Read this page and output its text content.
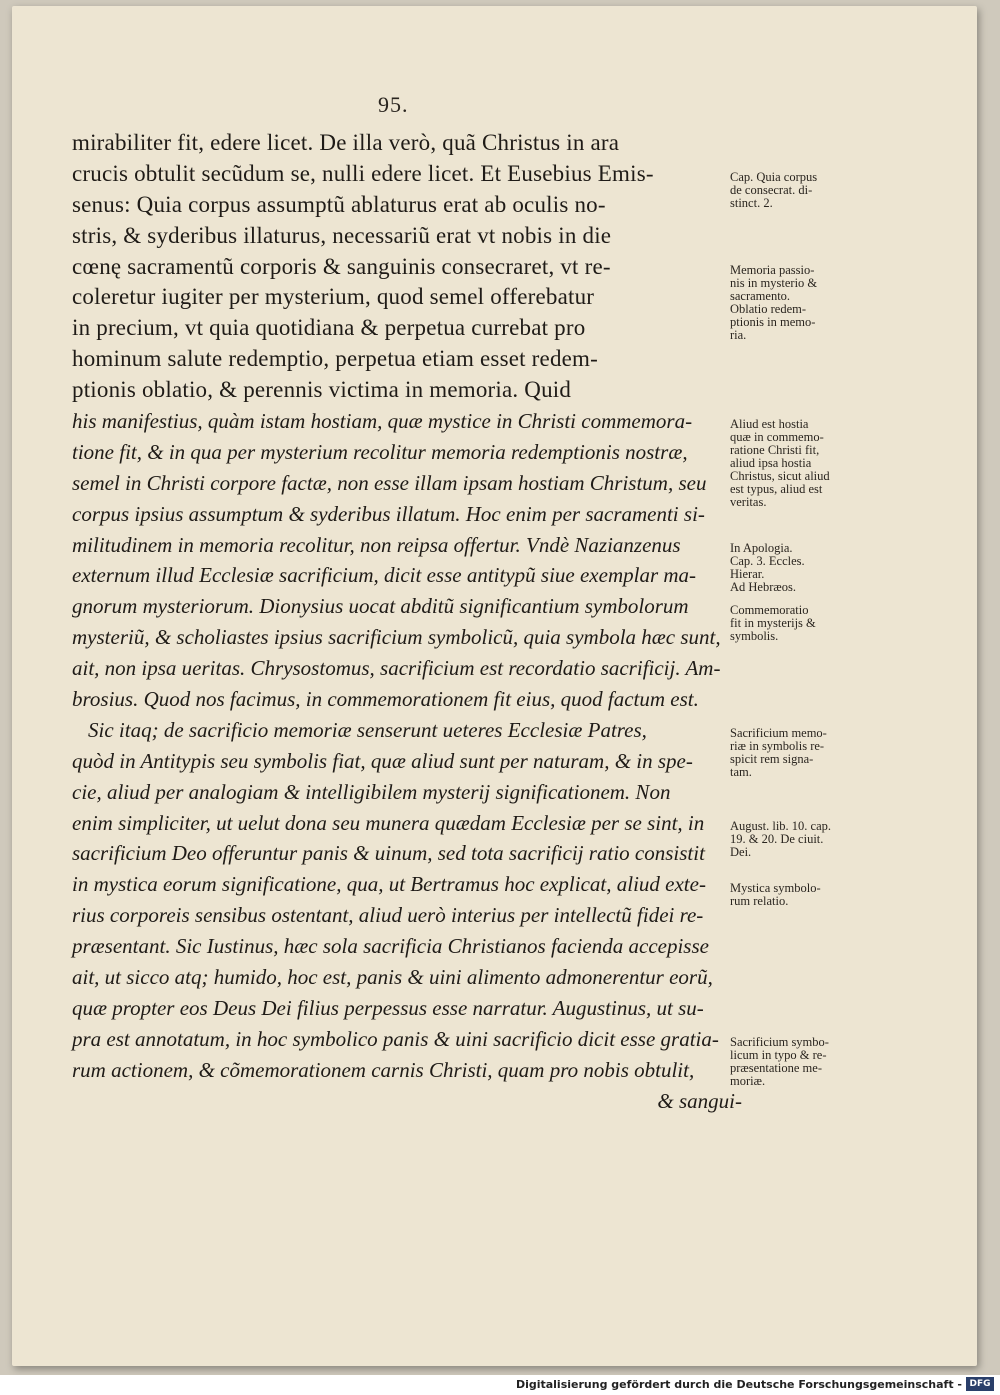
95.
mirabiliter fit, edere licet. De illa verò, quã Christus in ara
crucis obtulit secũdum se, nulli edere licet. Et Eusebius Emis-
senus: Quia corpus assumptũ ablaturus erat ab oculis no-
stris, & syderibus illaturus, necessariũ erat vt nobis in die
cœnę sacramentũ corporis & sanguinis consecraret, vt re-
coleretur iugiter per mysterium, quod semel offerebatur
in precium, vt quia quotidiana & perpetua currebat pro
hominum salute redemptio, perpetua etiam esset redem-
ptionis oblatio, & perennis victima in memoria. Quid
his manifestius, quàm istam hostiam, quæ mystice in Christi commemora-
tione fit, & in qua per mysterium recolitur memoria redemptionis nostræ,
semel in Christi corpore factæ, non esse illam ipsam hostiam Christum, seu
corpus ipsius assumptum & syderibus illatum. Hoc enim per sacramenti si-
militudinem in memoria recolitur, non reipsa offertur. Vndè Nazianzenus
externum illud Ecclesiæ sacrificium, dicit esse antitypũ siue exemplar ma-
gnorum mysteriorum. Dionysius uocat abditũ significantium symbolorum
mysteriũ, & scholiastes ipsius sacrificium symbolicũ, quia symbola hæc sunt,
ait, non ipsa ueritas. Chrysostomus, sacrificium est recordatio sacrificij. Am-
brosius. Quod nos facimus, in commemorationem fit eius, quod factum est.
Sic itaq; de sacrificio memoriæ senserunt ueteres Ecclesiæ Patres,
quòd in Antitypis seu symbolis fiat, quæ aliud sunt per naturam, & in spe-
cie, aliud per analogiam & intelligibilem mysterij significationem. Non
enim simpliciter, ut uelut dona seu munera quædam Ecclesiæ per se sint, in
sacrificium Deo offeruntur panis & uinum, sed tota sacrificij ratio consistit
in mystica eorum significatione, qua, ut Bertramus hoc explicat, aliud exte-
rius corporeis sensibus ostentant, aliud uerò interius per intellectũ fidei re-
præsentant. Sic Iustinus, hæc sola sacrificia Christianos facienda accepisse
ait, ut sicco atq; humido, hoc est, panis & uini alimento admonerentur eorũ,
quæ propter eos Deus Dei filius perpessus esse narratur. Augustinus, ut su-
pra est annotatum, in hoc symbolico panis & uini sacrificio dicit esse gratia-
rum actionem, & cõmemorationem carnis Christi, quam pro nobis obtulit,
& sangui-
Cap. Quia corpus
de consecrat. di-
stinct. 2.
Memoria passio-
nis in mysterio &
sacramento.
Oblatio redem-
ptionis in memo-
ria.
Aliud est hostia
quæ in commemo-
ratione Christi fit,
aliud ipsa hostia
Christus, sicut aliud
est typus, aliud est
veritas.
In Apologia.
Cap. 3. Eccles.
Hierar.
Ad Hebræos.
Commemoratio
fit in mysterijs &
symbolis.
Sacrificium memo-
riæ in symbolis re-
spicit rem signa-
tam.
August. lib. 10. cap.
19. & 20. De ciuit.
Dei.
Mystica symbolo-
rum relatio.
Sacrificium symbo-
licum in typo & re-
præsentatione me-
moriæ.
Digitalisierung gefördert durch die Deutsche Forschungsgemeinschaft - DFG
